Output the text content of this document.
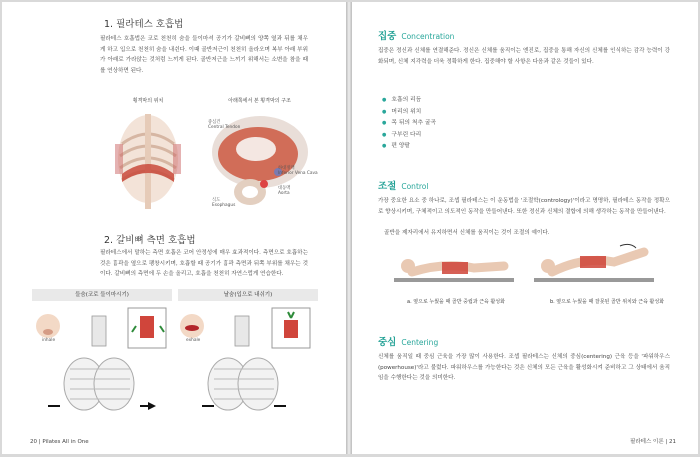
1. 필라테스 호흡법
필라테스 호흡법은 코로 천천히 숨을 들이마셔 공기가 갈비뼈의 양쪽 옆과 뒤를 채우게 하고 입으로 천천히 숨을 내쉰다. 이때 골반저근이 천천히 올라오며 복부 아래 부위가 아래로 가라앉는 것처럼 느끼게 된다. 골반저근을 느끼기 위해서는 소변을 참을 때를 연상하면 된다.
횡격막의 위치	아래쪽에서 본 횡격막의 구조
중심건
Central Tendon
하대정맥
Inferior Vena Cava
대동맥
Aorta
식도
Esophagus
2. 갈비뼈 측면 호흡법
필라테스에서 말하는 측면 호흡은 코어 안정성에 매우 효과적이다. 측면으로 호흡하는 것은 흉곽을 옆으로 팽창시키며, 호흡할 때 공기가 흉곽 측면과 뒤쪽 부위를 채우는 것이다. 갈비뼈의 측면에 두 손을 올리고, 호흡을 천천히 자연스럽게 연습한다.
들숨(코로 들이마시기)	날숨(입으로 내쉬기)
inhale	exhale
20 | Pilates All in One
집중 Concentration
집중은 정신과 신체를 연결해준다. 정신은 신체를 움직이는 엔진로, 집중을 통해 자신의 신체를 인식하는 감각 능력이 강화되며, 신체 지각력을 더욱 정확하게 한다. 집중해야 할 사항은 다음과 같은 것들이 있다.
● 호흡의 리듬
● 머리의 위치
● 목 뒤의 척추 굴곡
● 구부린 다리
● 편 양팔
조절 Control
가장 중요한 요소 중 하나로, 조셉 필라테스는 이 운동법을 '조절학(contrology)'이라고 명명하, 필라테스 동작을 정확으로 향상시키며, 구체적이고 의도적인 동작을 만들어낸다. 또한 정신과 신체의 결합에 의해 생각하는 동작을 만들어낸다.
골반을 제자리에서 유지하면서 신체를 움직이는 것이 조절의 예이다.
a. 옆으로 누웠을 때 골반 중립과 근육 활성화	b. 옆으로 누웠을 때 잘못된 골반 위치와 근육 활성화
중심 Centering
신체를 움직일 때 중심 근육을 가장 많이 사용한다. 조셉 필라테스는 신체의 중심(centering) 근육 등을 '파워하우스(powerhouse)'라고 불렀다. 파워하우스를 가능한다는 것은 신체의 모든 근육을 활성화시켜 준비하고 그 상태에서 움직임을 수행한다는 것을 의미한다.
필라테스 이론 | 21
